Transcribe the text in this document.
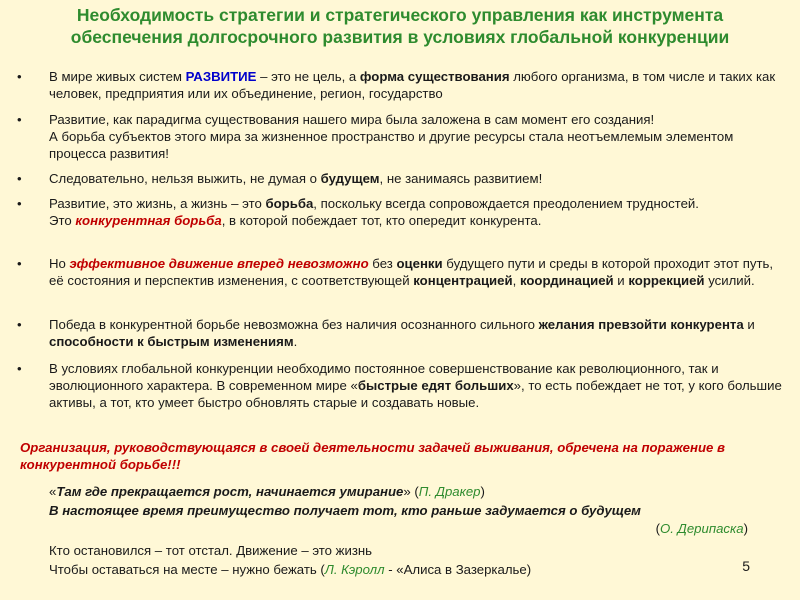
Необходимость стратегии и стратегического управления как инструмента
обеспечения долгосрочного развития в условиях глобальной конкуренции
• В мире живых систем РАЗВИТИЕ – это не цель, а форма существования любого организма, в том числе и таких как человек, предприятия или их объединение, регион, государство
• Развитие, как парадигма существования нашего мира была заложена в сам момент его создания!
А борьба субъектов этого мира за жизненное пространство и другие ресурсы стала неотъемлемым элементом процесса развития!
• Следовательно, нельзя выжить, не думая о будущем, не занимаясь развитием!
• Развитие, это жизнь, а жизнь – это борьба, поскольку всегда сопровождается преодолением трудностей.
Это конкурентная борьба, в которой побеждает тот, кто опередит конкурента.
• Но эффективное движение вперед невозможно без оценки будущего пути и среды в которой проходит этот путь, её состояния и перспектив изменения, с соответствующей концентрацией, координацией и коррекцией усилий.
• Победа в конкурентной борьбе невозможна без наличия осознанного сильного желания превзойти конкурента и способности к быстрым изменениям.
• В условиях глобальной конкуренции необходимо постоянное совершенствование как революционного, так и эволюционного характера. В современном мире «быстрые едят больших», то есть побеждает не тот, у кого большие активы, а тот, кто умеет быстро обновлять старые и создавать новые.
Организация, руководствующаяся в своей деятельности задачей выживания, обречена на поражение в конкурентной борьбе!!!
«Там где прекращается рост, начинается умирание» (П. Дракер)
В настоящее время преимущество получает тот, кто раньше задумается о будущем
(О. Дерипаска)
Кто остановился – тот отстал. Движение – это жизнь
Чтобы оставаться на месте – нужно бежать (Л. Кэролл - «Алиса в Зазеркалье)	5
